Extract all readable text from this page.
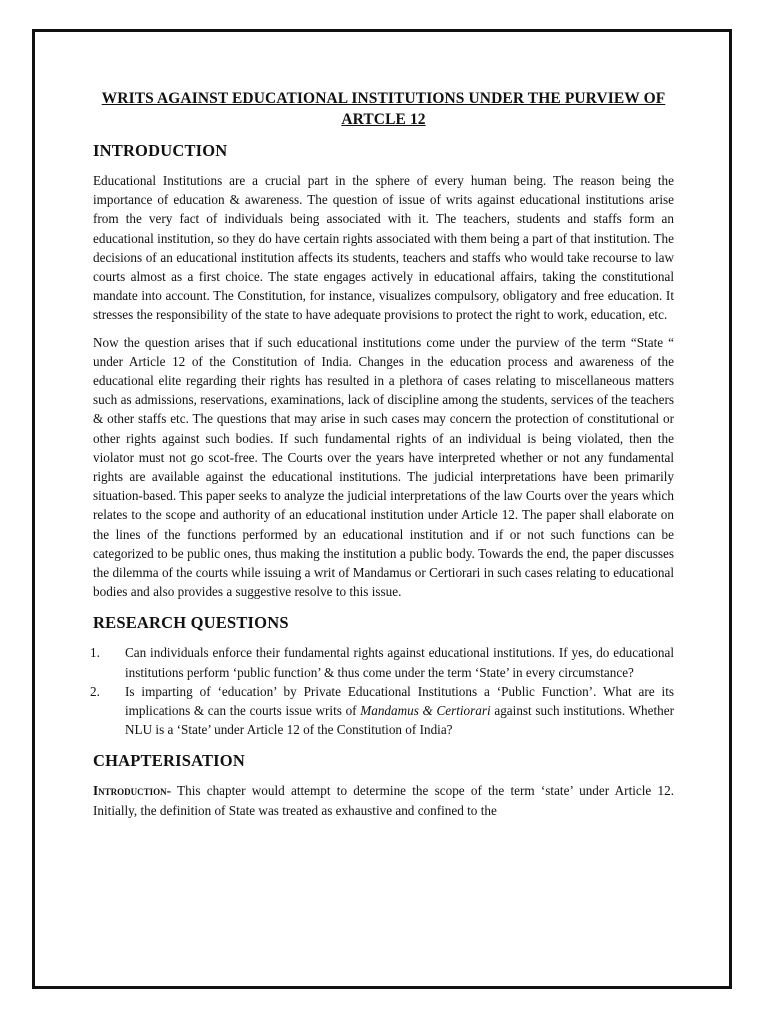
WRITS AGAINST EDUCATIONAL INSTITUTIONS UNDER THE PURVIEW OF ARTCLE 12
INTRODUCTION

Educational Institutions are a crucial part in the sphere of every human being. The reason being the importance of education & awareness. The question of issue of writs against educational institutions arise from the very fact of individuals being associated with it. The teachers, students and staffs form an educational institution, so they do have certain rights associated with them being a part of that institution. The decisions of an educational institution affects its students, teachers and staffs who would take recourse to law courts almost as a first choice. The state engages actively in educational affairs, taking the constitutional mandate into account. The Constitution, for instance, visualizes compulsory, obligatory and free education. It stresses the responsibility of the state to have adequate provisions to protect the right to work, education, etc.

Now the question arises that if such educational institutions come under the purview of the term “State “ under Article 12 of the Constitution of India. Changes in the education process and awareness of the educational elite regarding their rights has resulted in a plethora of cases relating to miscellaneous matters such as admissions, reservations, examinations, lack of discipline among the students, services of the teachers & other staffs etc. The questions that may arise in such cases may concern the protection of constitutional or other rights against such bodies. If such fundamental rights of an individual is being violated, then the violator must not go scot-free. The Courts over the years have interpreted whether or not any fundamental rights are available against the educational institutions. The judicial interpretations have been primarily situation-based. This paper seeks to analyze the judicial interpretations of the law Courts over the years which relates to the scope and authority of an educational institution under Article 12. The paper shall elaborate on the lines of the functions performed by an educational institution and if or not such functions can be categorized to be public ones, thus making the institution a public body. Towards the end, the paper discusses the dilemma of the courts while issuing a writ of Mandamus or Certiorari in such cases relating to educational bodies and also provides a suggestive resolve to this issue.

RESEARCH QUESTIONS
1. Can individuals enforce their fundamental rights against educational institutions. If yes, do educational institutions perform ‘public function’ & thus come under the term ‘State’ in every circumstance?
2. Is imparting of ‘education’ by Private Educational Institutions a ‘Public Function’. What are its implications & can the courts issue writs of Mandamus & Certiorari against such institutions. Whether NLU is a ‘State’ under Article 12 of the Constitution of India?
CHAPTERISATION

Introduction- This chapter would attempt to determine the scope of the term ‘state’ under Article 12. Initially, the definition of State was treated as exhaustive and confined to the
